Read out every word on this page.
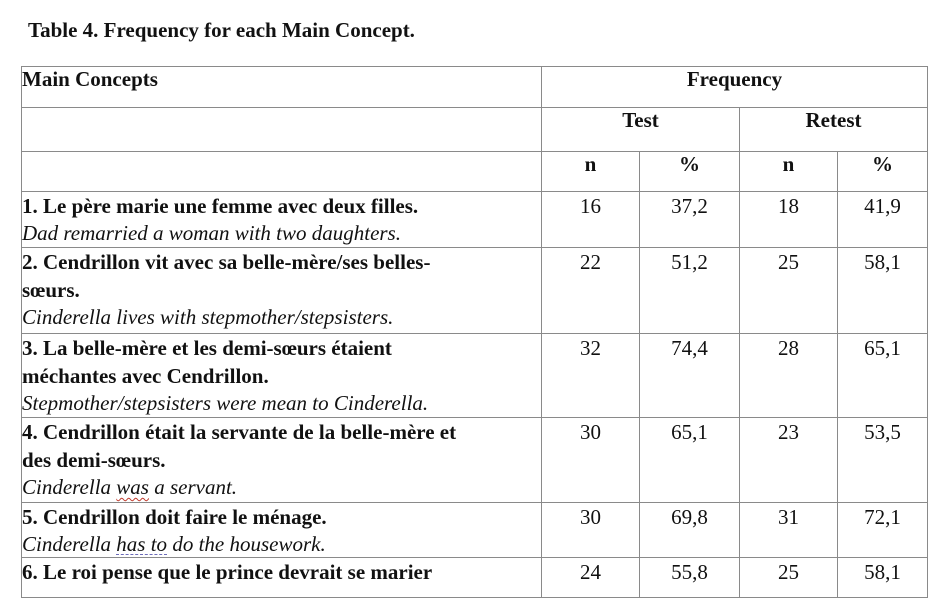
Table 4. Frequency for each Main Concept.
Main Concepts	Frequency			
	Test		Retest	
	n	%	n	%

1. Le père marie une femme avec deux filles.
Dad remarried a woman with two daughters.	16	37,2	18	41,9

2. Cendrillon vit avec sa belle-mère/ses belles-
sœurs.
Cinderella lives with stepmother/stepsisters.	22	51,2	25	58,1

3. La belle-mère et les demi-sœurs étaient
méchantes avec Cendrillon.
Stepmother/stepsisters were mean to Cinderella.	32	74,4	28	65,1

4. Cendrillon était la servante de la belle-mère et
des demi-sœurs.
Cinderella was a servant.	30	65,1	23	53,5

5. Cendrillon doit faire le ménage.
Cinderella has to do the housework.	30	69,8	31	72,1

6. Le roi pense que le prince devrait se marier	24	55,8	25	58,1
